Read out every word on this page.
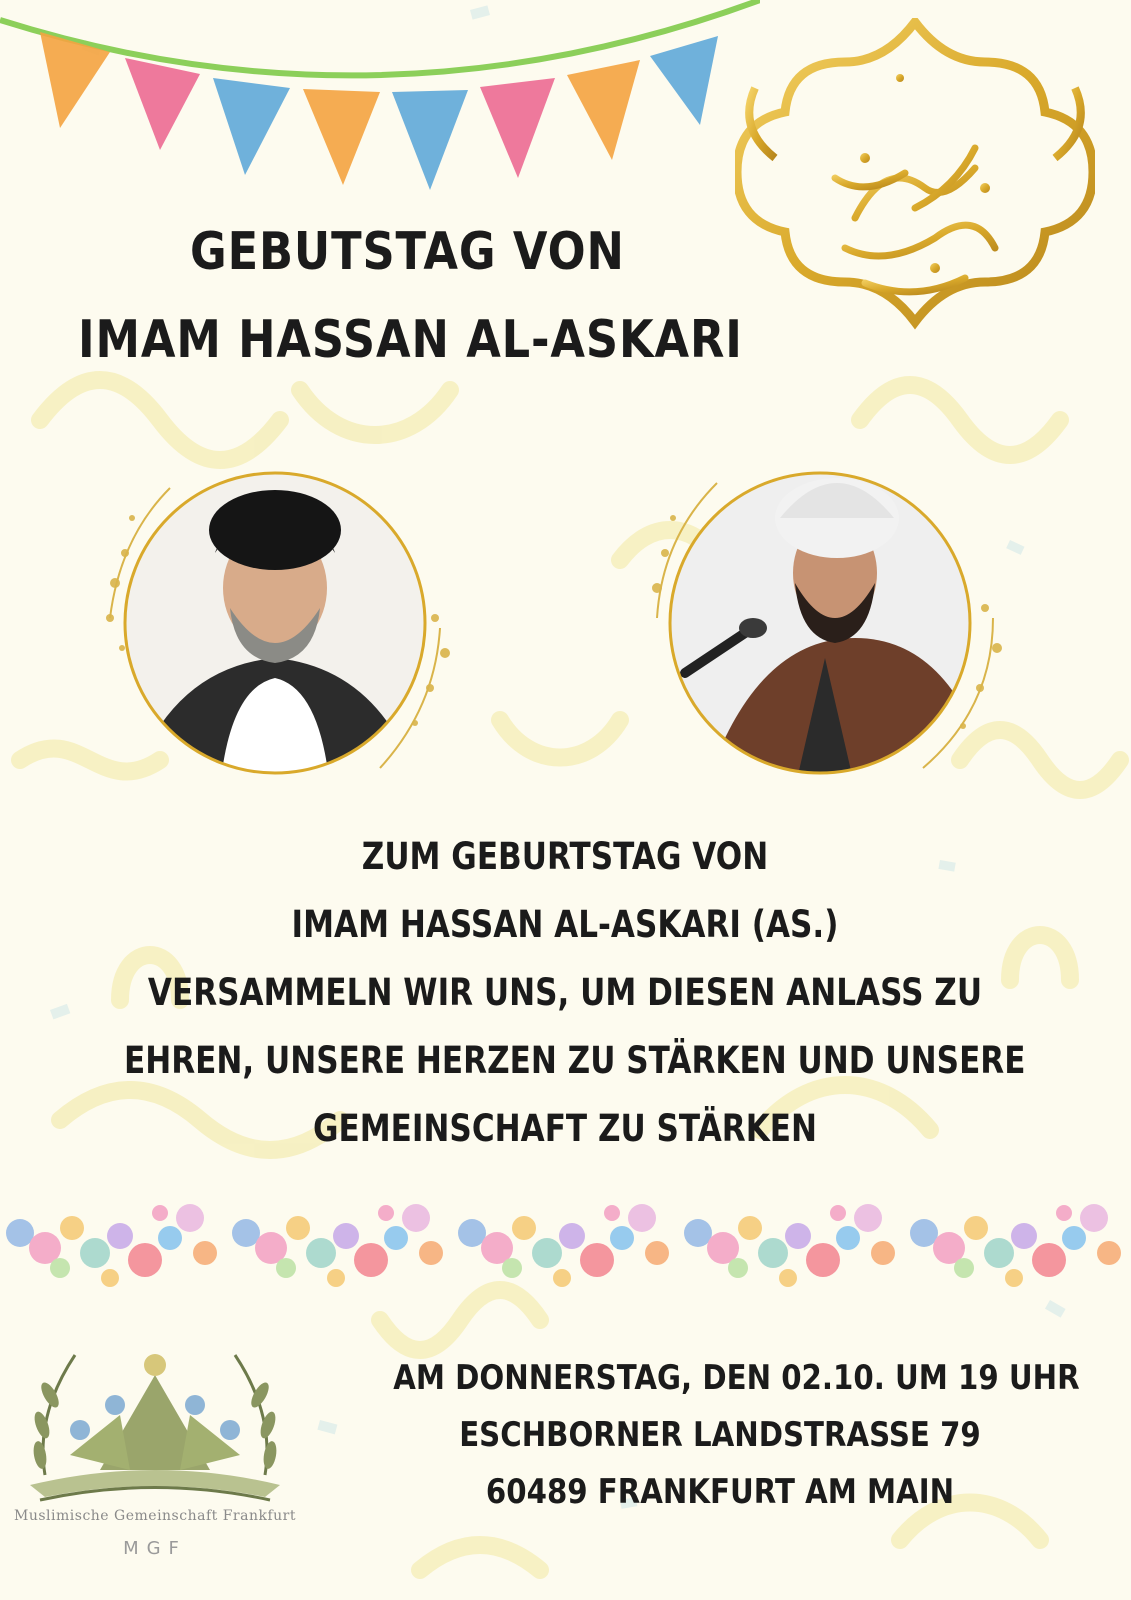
GEBUTSTAG VON
IMAM HASSAN AL-ASKARI
ZUM GEBURTSTAG VON
IMAM HASSAN AL-ASKARI (AS.)
VERSAMMELN WIR UNS, UM DIESEN ANLASS ZU
EHREN, UNSERE HERZEN ZU STÄRKEN UND UNSERE
GEMEINSCHAFT ZU STÄRKEN
Muslimische Gemeinschaft Frankfurt
MGF
AM DONNERSTAG, DEN 02.10. UM 19 UHR
ESCHBORNER LANDSTRASSE 79
60489 FRANKFURT AM MAIN
